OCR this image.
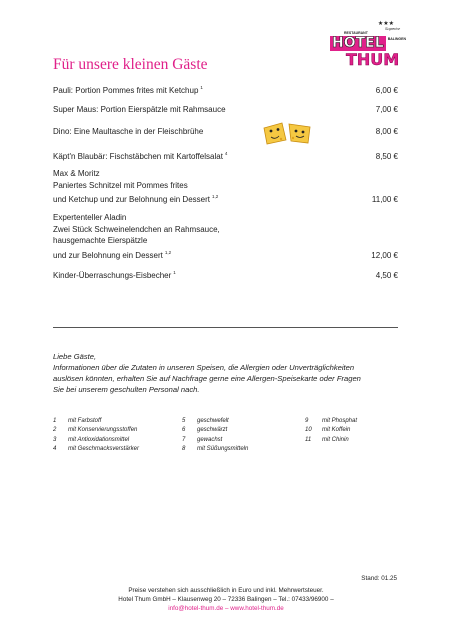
Für unsere kleinen Gäste
★★★
Superior
RESTAURANT
BALINGEN
HOTEL
THUM
Pauli: Portion Pommes frites mit Ketchup $^1$	6,00 €
Super Maus: Portion Eierspätzle mit Rahmsauce	7,00 €
Dino: Eine Maultasche in der Fleischbrühe	8,00 €
Käpt'n Blaubär: Fischstäbchen mit Kartoffelsalat $^4$	8,50 €
Max & Moritz
Paniertes Schnitzel mit Pommes frites
und Ketchup und zur Belohnung ein Dessert $^{1,2}$	11,00 €
Expertenteller Aladin
Zwei Stück Schweinelendchen an Rahmsauce,
hausgemachte Eierspätzle
und zur Belohnung ein Dessert $^{1,2}$	12,00 €
Kinder-Überraschungs-Eisbecher $^1$	4,50 €
Liebe Gäste,
Informationen über die Zutaten in unseren Speisen, die Allergien oder Unverträglichkeiten
auslösen könnten, erhalten Sie auf Nachfrage gerne eine Allergen-Speisekarte oder Fragen
Sie bei unserem geschulten Personal nach.
1 mit Farbstoff
2 mit Konservierungsstoffen
3 mit Antioxidationsmittel
4 mit Geschmacksverstärker
5 geschwefelt
6 geschwärzt
7 gewachst
8 mit Süßungsmitteln
9 mit Phosphat
10 mit Koffein
11 mit Chinin
Stand: 01.25
Preise verstehen sich ausschließlich in Euro und inkl. Mehrwertsteuer.
Hotel Thum GmbH – Klausenweg 20 – 72336 Balingen – Tel.: 07433/96900 –
info@hotel-thum.de – www.hotel-thum.de
